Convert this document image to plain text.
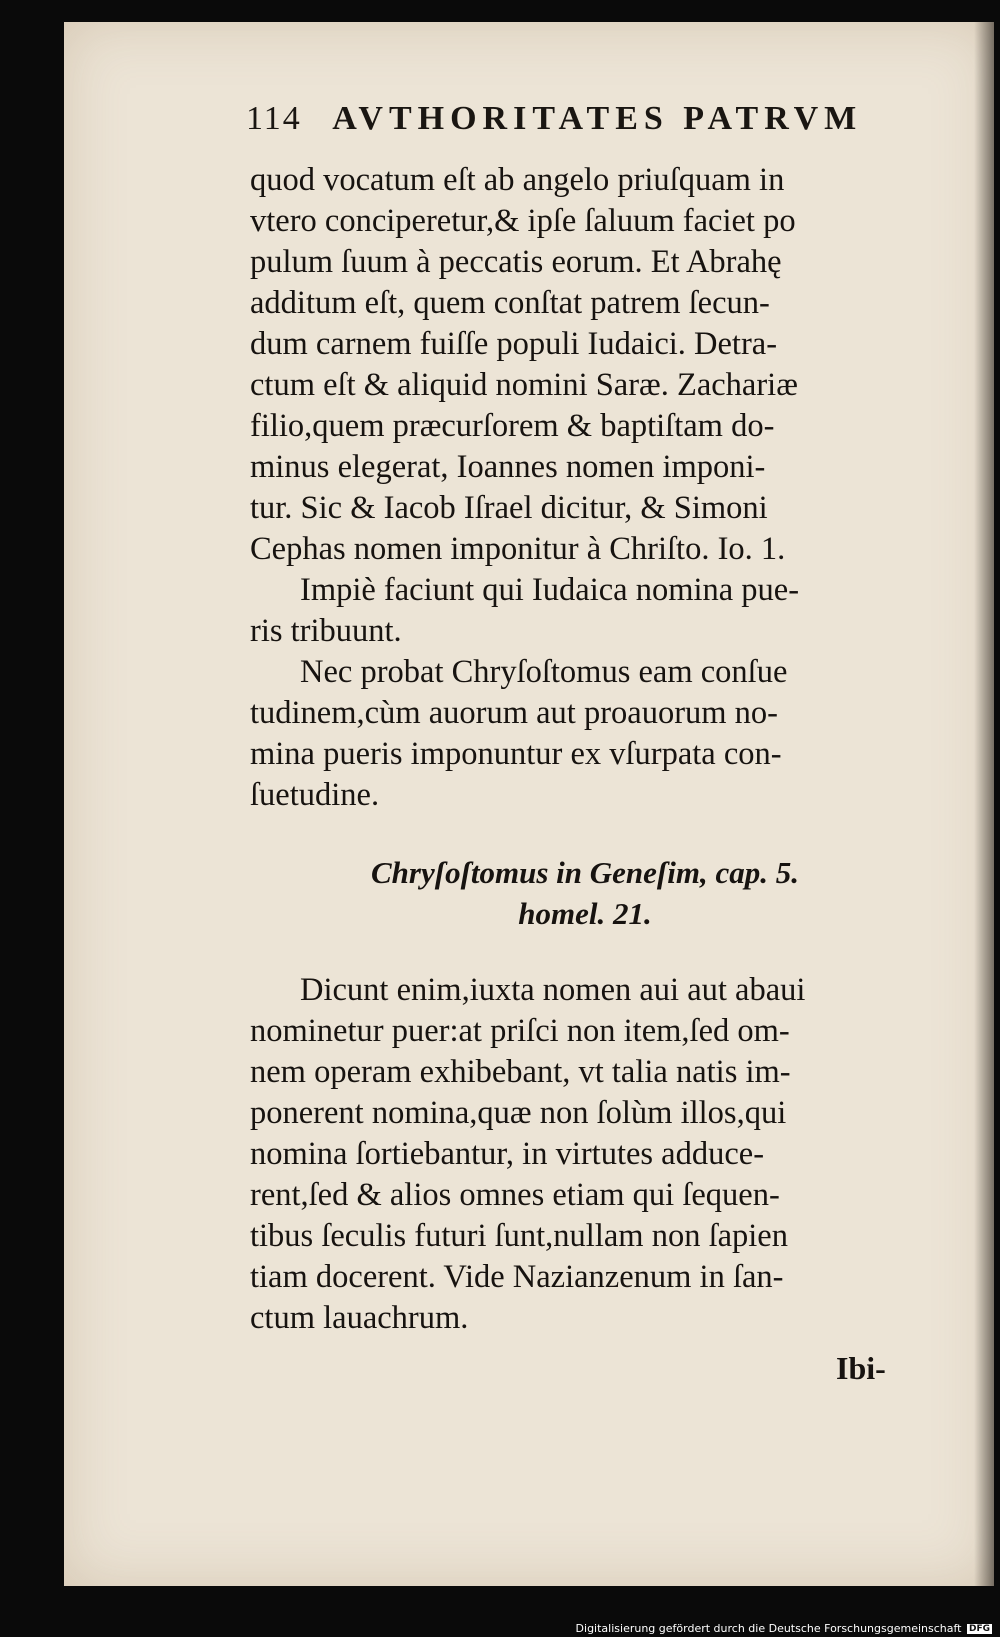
114 AVTHORITATES PATRVM
quod vocatum eſt ab angelo priuſquam in
vtero conciperetur,& ipſe ſaluum faciet po
pulum ſuum à peccatis eorum. Et Abrahę
additum eſt, quem conſtat patrem ſecun-
dum carnem fuiſſe populi Iudaici. Detra-
ctum eſt & aliquid nomini Saræ. Zachariæ
filio,quem præcurſorem & baptiſtam do-
minus elegerat, Ioannes nomen imponi-
tur. Sic & Iacob Iſrael dicitur, & Simoni
Cephas nomen imponitur à Chriſto. Io. 1.
Impiè faciunt qui Iudaica nomina pue-
ris tribuunt.
Nec probat Chryſoſtomus eam conſue
tudinem,cùm auorum aut proauorum no-
mina pueris imponuntur ex vſurpata con-
ſuetudine.
Chryſoſtomus in Geneſim, cap. 5.
homel. 21.
Dicunt enim,iuxta nomen aui aut abaui
nominetur puer:at priſci non item,ſed om-
nem operam exhibebant, vt talia natis im-
ponerent nomina,quæ non ſolùm illos,qui
nomina ſortiebantur, in virtutes adduce-
rent,ſed & alios omnes etiam qui ſequen-
tibus ſeculis futuri ſunt,nullam non ſapien
tiam docerent. Vide Nazianzenum in ſan-
ctum lauachrum.
Ibi-
Digitalisierung gefördert durch die Deutsche Forschungsgemeinschaft DFG
